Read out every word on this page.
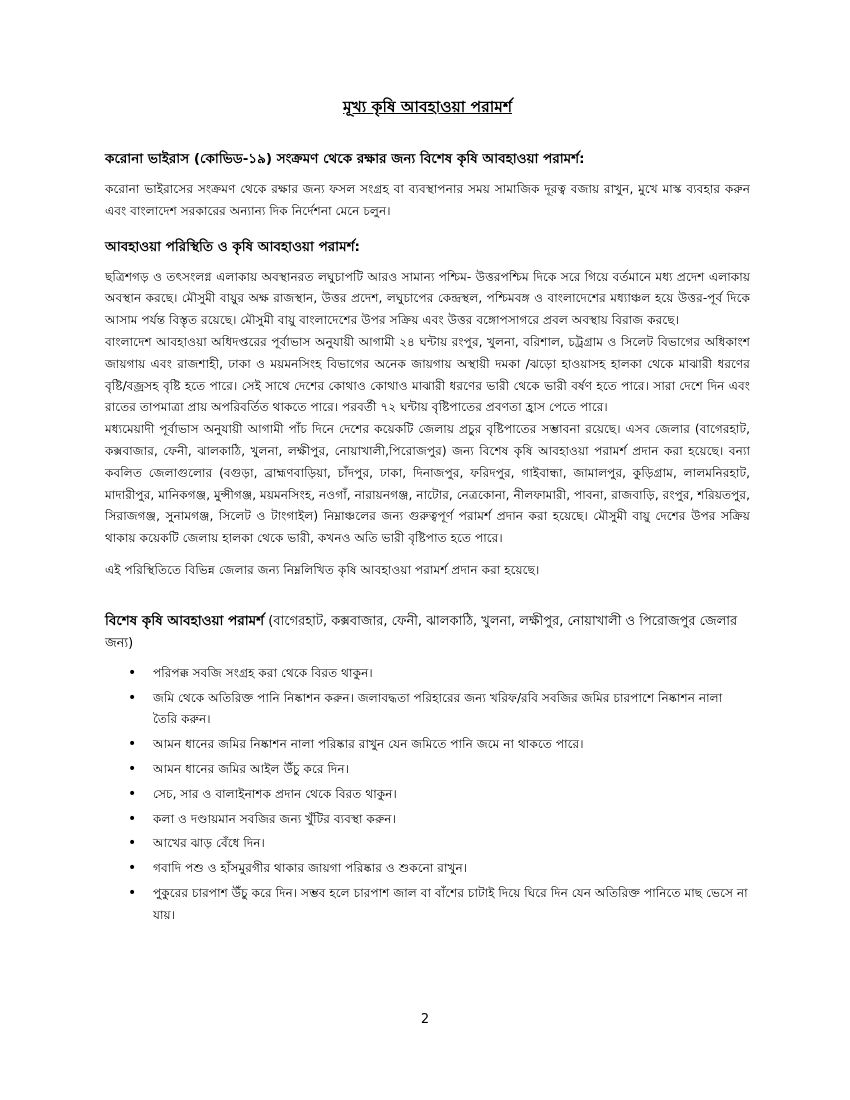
মূখ্য কৃষি আবহাওয়া পরামর্শ
করোনা ভাইরাস (কোভিড-১৯) সংক্রমণ থেকে রক্ষার জন্য বিশেষ কৃষি আবহাওয়া পরামর্শ:

করোনা ভাইরাসের সংক্রমণ থেকে রক্ষার জন্য ফসল সংগ্রহ বা ব্যবস্থাপনার সময় সামাজিক দূরত্ব বজায় রাখুন, মুখে মাস্ক ব্যবহার করুন এবং বাংলাদেশ সরকারের অন্যান্য দিক নির্দেশনা মেনে চলুন।

আবহাওয়া পরিস্থিতি ও কৃষি আবহাওয়া পরামর্শ:

ছত্রিশগড় ও তৎসংলগ্ন এলাকায় অবস্থানরত লঘুচাপটি আরও সামান্য পশ্চিম- উত্তরপশ্চিম দিকে সরে গিয়ে বর্তমানে মধ্য প্রদেশ এলাকায় অবস্থান করছে। মৌসুমী বায়ুর অক্ষ রাজস্থান, উত্তর প্রদেশ, লঘুচাপের কেন্দ্রস্থল, পশ্চিমবঙ্গ ও বাংলাদেশের মধ্যাঞ্চল হয়ে উত্তর-পূর্ব দিকে আসাম পর্যন্ত বিস্তৃত রয়েছে। মৌসুমী বায়ু বাংলাদেশের উপর সক্রিয় এবং উত্তর বঙ্গোপসাগরে প্রবল অবস্থায় বিরাজ করছে।

বাংলাদেশ আবহাওয়া অধিদপ্তরের পূর্বাভাস অনুযায়ী আগামী ২৪ ঘন্টায় রংপুর, খুলনা, বরিশাল, চট্রগ্রাম ও সিলেট বিভাগের অধিকাংশ জায়গায় এবং রাজশাহী, ঢাকা ও ময়মনসিংহ বিভাগের অনেক জায়গায় অস্থায়ী দমকা /ঝড়ো হাওয়াসহ হালকা থেকে মাঝারী ধরণের বৃষ্টি/বজ্রসহ বৃষ্টি হতে পারে। সেই সাথে দেশের কোথাও কোথাও মাঝারী ধরণের ভারী থেকে ভারী বর্ষণ হতে পারে। সারা দেশে দিন এবং রাতের তাপমাত্রা প্রায় অপরিবর্তিত থাকতে পারে। পরবর্তী ৭২ ঘন্টায় বৃষ্টিপাতের প্রবণতা হ্রাস পেতে পারে।

মধ্যমেয়াদী পূর্বাভাস অনুযায়ী আগামী পাঁচ দিনে দেশের কয়েকটি জেলায় প্রচুর বৃষ্টিপাতের সম্ভাবনা রয়েছে। এসব জেলার (বাগেরহাট, কক্সবাজার, ফেনী, ঝালকাঠি, খুলনা, লক্ষীপুর, নোয়াখালী,পিরোজপুর) জন্য বিশেষ কৃষি আবহাওয়া পরামর্শ প্রদান করা হয়েছে। বন্যা কবলিত জেলাগুলোর (বগুড়া, ব্রাহ্মণবাড়িয়া, চাঁদপুর, ঢাকা, দিনাজপুর, ফরিদপুর, গাইবান্ধা, জামালপুর, কুড়িগ্রাম, লালমনিরহাট, মাদারীপুর, মানিকগঞ্জ, মুন্সীগঞ্জ, ময়মনসিংহ, নওগাঁ, নারায়নগঞ্জ, নাটোর, নেত্রকোনা, নীলফামারী, পাবনা, রাজবাড়ি, রংপুর, শরিয়তপুর, সিরাজগঞ্জ, সুনামগঞ্জ, সিলেট ও টাংগাইল) নিম্নাঞ্চলের জন্য গুরুত্বপূর্ণ পরামর্শ প্রদান করা হয়েছে। মৌসুমী বায়ু দেশের উপর সক্রিয় থাকায় কয়েকটি জেলায় হালকা থেকে ভারী, কখনও অতি ভারী বৃষ্টিপাত হতে পারে।

এই পরিস্থিতিতে বিভিন্ন জেলার জন্য নিম্নলিখিত কৃষি আবহাওয়া পরামর্শ প্রদান করা হয়েছে।

বিশেষ কৃষি আবহাওয়া পরামর্শ (বাগেরহাট, কক্সবাজার, ফেনী, ঝালকাঠি, খুলনা, লক্ষীপুর, নোয়াখালী ও পিরোজপুর জেলার জন্য)
• পরিপক্ক সবজি সংগ্রহ করা থেকে বিরত থাকুন।
• জমি থেকে অতিরিক্ত পানি নিষ্কাশন করুন। জলাবদ্ধতা পরিহারের জন্য খরিফ/রবি সবজির জমির চারপাশে নিষ্কাশন নালা তৈরি করুন।
• আমন ধানের জমির নিষ্কাশন নালা পরিষ্কার রাখুন যেন জমিতে পানি জমে না থাকতে পারে।
• আমন ধানের জমির আইল উঁচু করে দিন।
• সেচ, সার ও বালাইনাশক প্রদান থেকে বিরত থাকুন।
• কলা ও দণ্ডায়মান সবজির জন্য খুঁটির ব্যবস্থা করুন।
• আখের ঝাড় বেঁধে দিন।
• গবাদি পশু ও হাঁসমুরগীর থাকার জায়গা পরিষ্কার ও শুকনো রাখুন।
• পুকুরের চারপাশ উঁচু করে দিন। সম্ভব হলে চারপাশ জাল বা বাঁশের চাটাই দিয়ে ঘিরে দিন যেন অতিরিক্ত পানিতে মাছ ভেসে না যায়।
2
